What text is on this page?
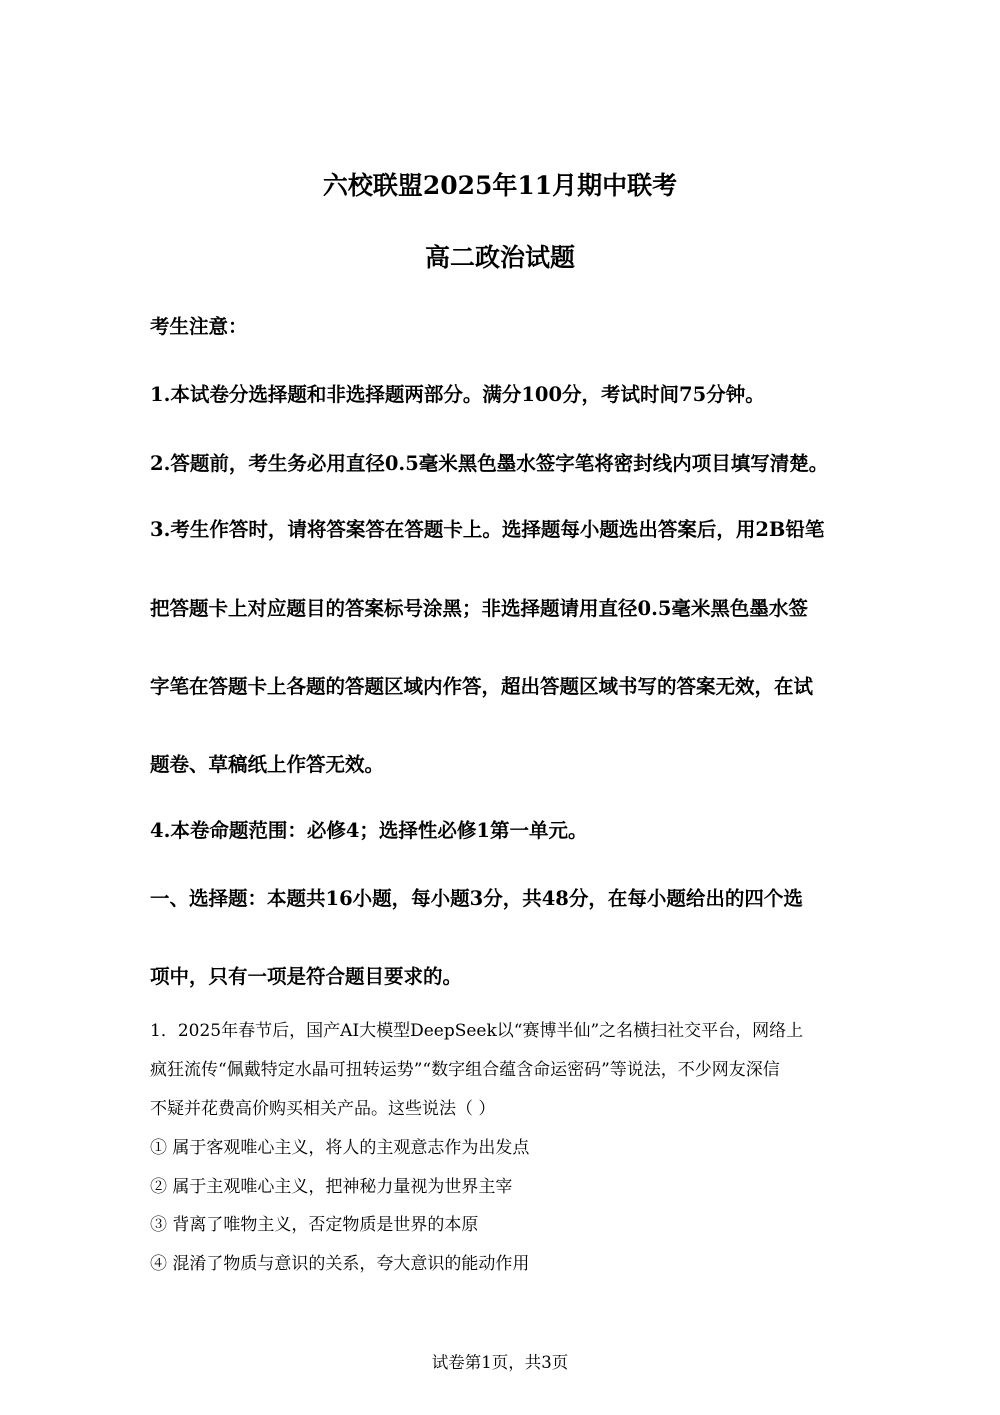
六校联盟2025年11月期中联考
高二政治试题
考生注意：
1.本试卷分选择题和非选择题两部分。满分100分，考试时间75分钟。
2.答题前，考生务必用直径0.5毫米黑色墨水签字笔将密封线内项目填写清楚。
3.考生作答时，请将答案答在答题卡上。选择题每小题选出答案后，用2B铅笔
把答题卡上对应题目的答案标号涂黑；非选择题请用直径0.5毫米黑色墨水签
字笔在答题卡上各题的答题区域内作答，超出答题区域书写的答案无效，在试
题卷、草稿纸上作答无效。
4.本卷命题范围：必修4；选择性必修1第一单元。
一、选择题：本题共16小题，每小题3分，共48分，在每小题给出的四个选
项中，只有一项是符合题目要求的。
1．2025年春节后，国产AI大模型DeepSeek以“赛博半仙”之名横扫社交平台，网络上
疯狂流传“佩戴特定水晶可扭转运势”“数字组合蕴含命运密码”等说法，不少网友深信
不疑并花费高价购买相关产品。这些说法（ ）
① 属于客观唯心主义，将人的主观意志作为出发点
② 属于主观唯心主义，把神秘力量视为世界主宰
③ 背离了唯物主义，否定物质是世界的本原
④ 混淆了物质与意识的关系，夸大意识的能动作用
试卷第1页，共3页
